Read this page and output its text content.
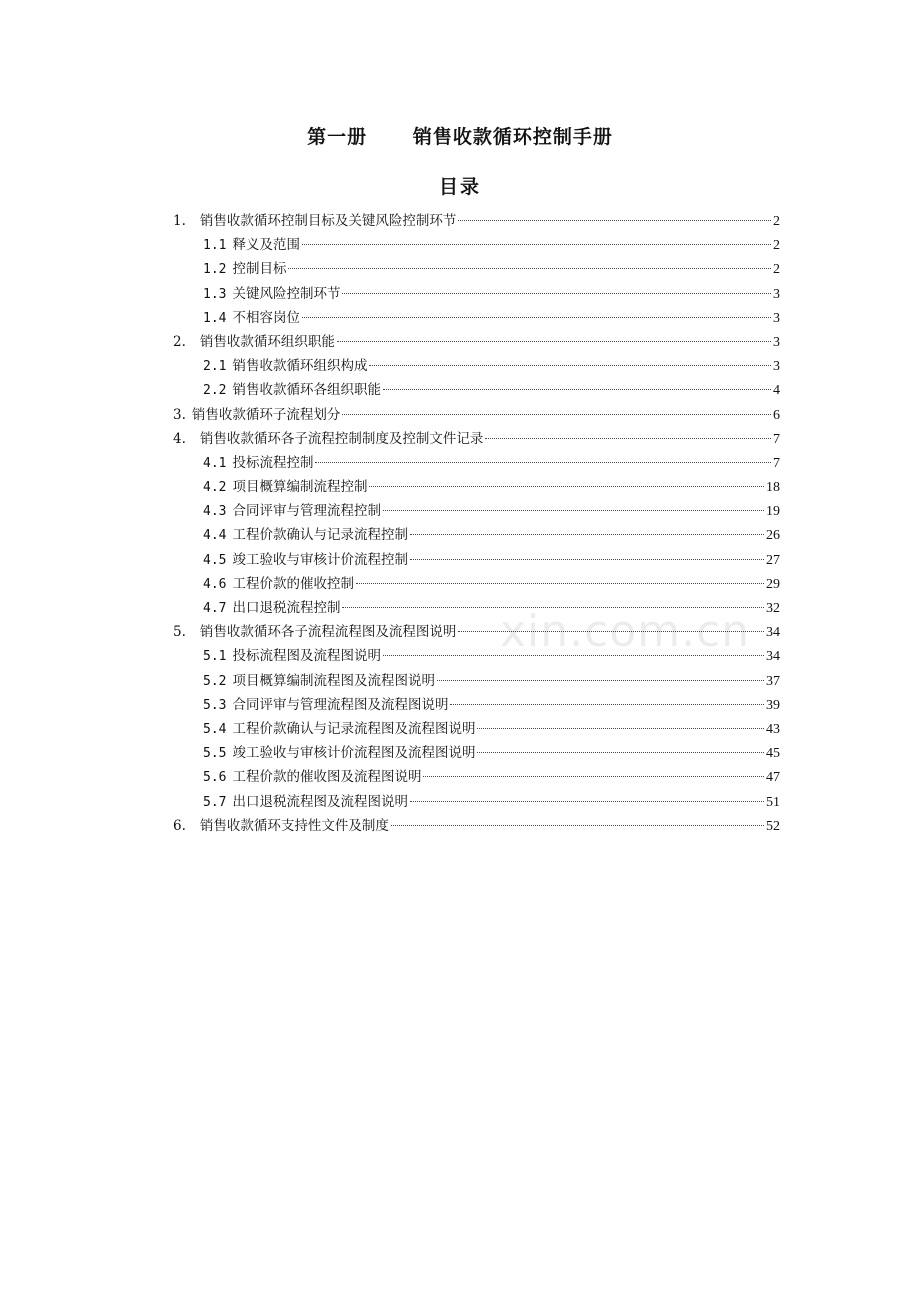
第一册      销售收款循环控制手册
目录
1. 销售收款循环控制目标及关键风险控制环节	2
1.1 释义及范围	2
1.2 控制目标	2
1.3 关键风险控制环节	3
1.4 不相容岗位	3
2. 销售收款循环组织职能	3
2.1 销售收款循环组织构成	3
2.2 销售收款循环各组织职能	4
3. 销售收款循环子流程划分	6
4. 销售收款循环各子流程控制制度及控制文件记录	7
4.1 投标流程控制	7
4.2 项目概算编制流程控制	18
4.3 合同评审与管理流程控制	19
4.4 工程价款确认与记录流程控制	26
4.5 竣工验收与审核计价流程控制	27
4.6 工程价款的催收控制	29
4.7 出口退税流程控制	32
5. 销售收款循环各子流程流程图及流程图说明	34
5.1 投标流程图及流程图说明	34
5.2 项目概算编制流程图及流程图说明	37
5.3 合同评审与管理流程图及流程图说明	39
5.4 工程价款确认与记录流程图及流程图说明	43
5.5 竣工验收与审核计价流程图及流程图说明	45
5.6 工程价款的催收图及流程图说明	47
5.7 出口退税流程图及流程图说明	51
6. 销售收款循环支持性文件及制度	52
xin.com.cn
